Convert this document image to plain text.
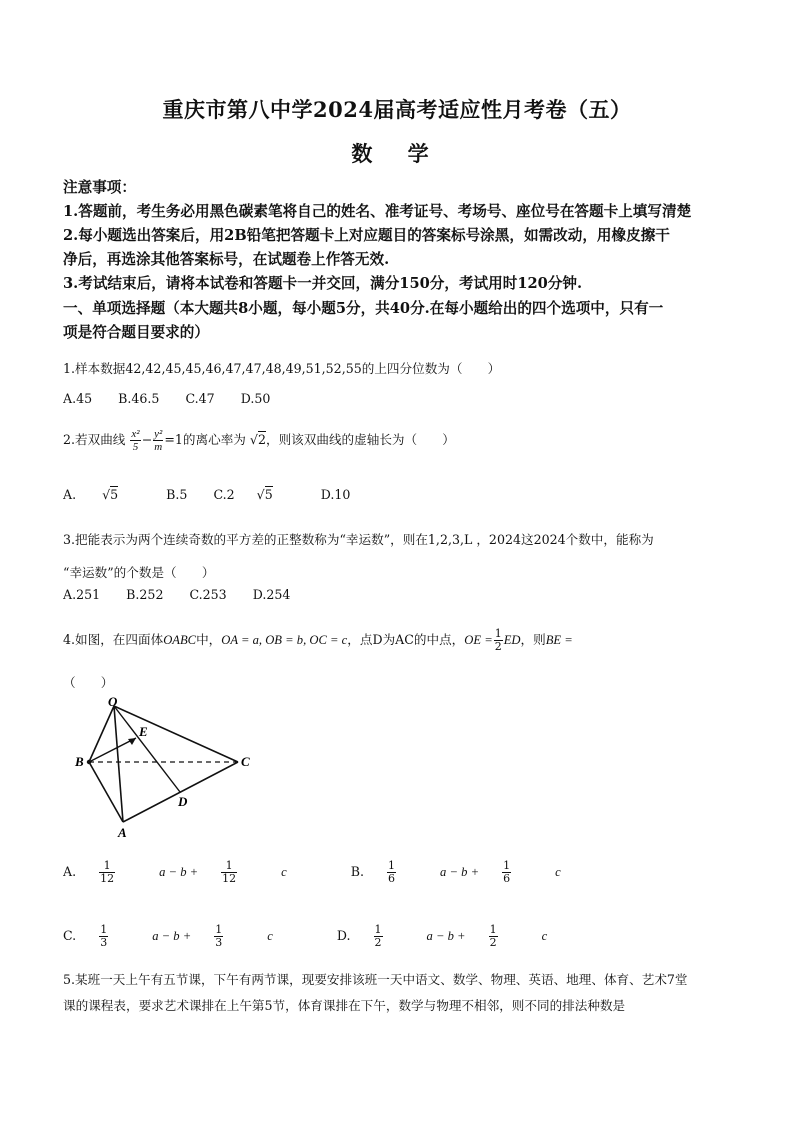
重庆市第八中学2024届高考适应性月考卷（五）
数 学
注意事项：
1.答题前，考生务必用黑色碳素笔将自己的姓名、准考证号、考场号、座位号在答题卡上填写清楚
2.每小题选出答案后，用2B铅笔把答题卡上对应题目的答案标号涂黑，如需改动，用橡皮擦干
净后，再选涂其他答案标号，在试题卷上作答无效.
3.考试结束后，请将本试卷和答题卡一并交回，满分150分，考试用时120分钟.
一、单项选择题（本大题共8小题，每小题5分，共40分.在每小题给出的四个选项中，只有一
项是符合题目要求的）
1.样本数据42,42,45,45,46,47,47,48,49,51,52,55的上四分位数为（　　）
A.45 B.46.5 C.47 D.50
2.若双曲线 $\frac{\text{x²}}{5} - \frac{\text{y²}}{m} =1$的离心率为 √2，则该双曲线的虚轴长为（　　）
A. √5	B.5 C.2 √5	D.10
3.把能表示为两个连续奇数的平方差的正整数称为“幸运数”，则在1,2,3,L ，2024这2024个数中，能称为
“幸运数”的个数是（　　）
A.251 B.252 C.253 D.254
4.如图，在四面体OABC中，OA = a, OB = b, OC = c，点D为AC的中点，OE = $\frac{1}{2}$ ED，则BE =
（　　）
O
E
B	C
D
A
A. $\frac{1}{12}$ $a - b + \frac{1}{12}$ c	B. $\frac{1}{6}$ $a - b + \frac{1}{6}$ c
C. $\frac{1}{3}$ $a - b + \frac{1}{3}$ c	D. $\frac{1}{2}$ $a - b + \frac{1}{2}$ c
5.某班一天上午有五节课，下午有两节课，现要安排该班一天中语文、数学、物理、英语、地理、体育、艺术7堂
课的课程表，要求艺术课排在上午第5节，体育课排在下午，数学与物理不相邻，则不同的排法种数是
